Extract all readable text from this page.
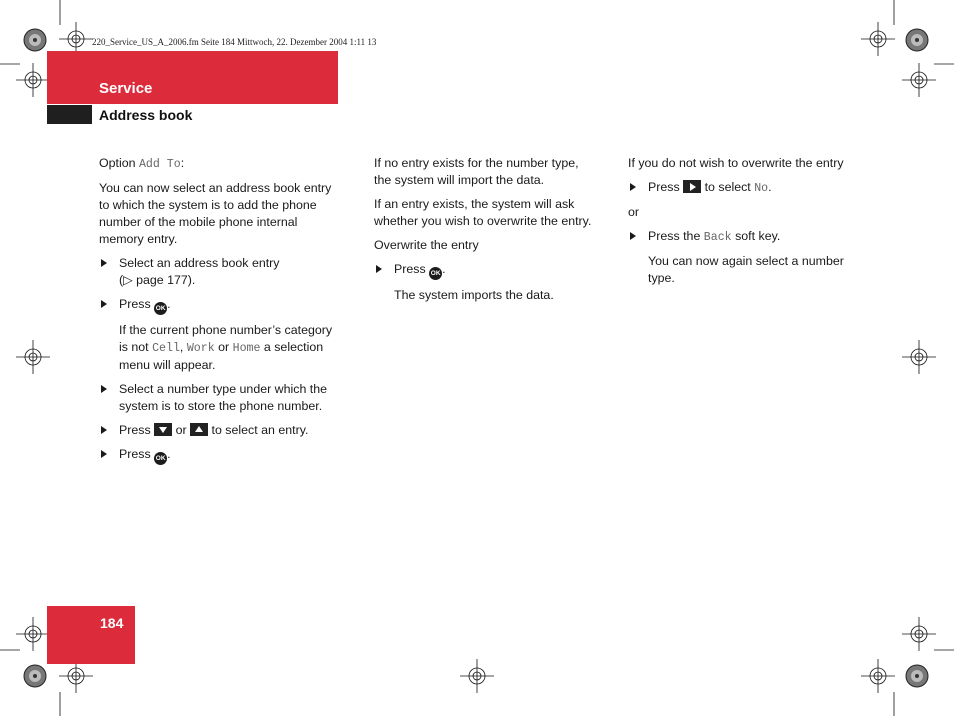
220_Service_US_A_2006.fm Seite 184 Mittwoch, 22. Dezember 2004 1:11 13
Service
Address book

Option Add To:

You can now select an address book entry to which the system is to add the phone number of the mobile phone internal memory entry.

Select an address book entry
(▷ page 177).

Press OK .

If the current phone number’s category is not Cell, Work or Home a selection menu will appear.

Select a number type under which the system is to store the phone number.

Press or to select an entry.

Press OK .

If no entry exists for the number type, the system will import the data.

If an entry exists, the system will ask whether you wish to overwrite the entry.

Overwrite the entry

Press OK .

The system imports the data.

If you do not wish to overwrite the entry

Press to select No.

or

Press the Back soft key.

You can now again select a number type.

184
